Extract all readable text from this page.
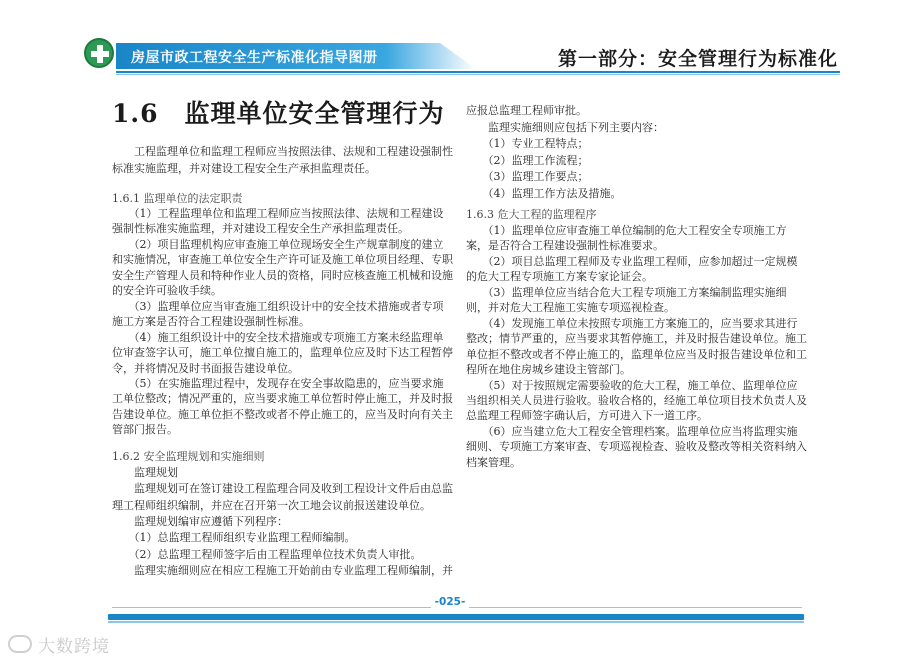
房屋市政工程安全生产标准化指导图册	第一部分：安全管理行为标准化
1.6　监理单位安全管理行为
　　工程监理单位和监理工程师应当按照法律、法规和工程建设强制性
标准实施监理，并对建设工程安全生产承担监理责任。
1.6.1 监理单位的法定职责
　　（1）工程监理单位和监理工程师应当按照法律、法规和工程建设
强制性标准实施监理，并对建设工程安全生产承担监理责任。
　　（2）项目监理机构应审查施工单位现场安全生产规章制度的建立
和实施情况，审查施工单位安全生产许可证及施工单位项目经理、专职
安全生产管理人员和特种作业人员的资格，同时应核查施工机械和设施
的安全许可验收手续。
　　（3）监理单位应当审查施工组织设计中的安全技术措施或者专项
施工方案是否符合工程建设强制性标准。
　　（4）施工组织设计中的安全技术措施或专项施工方案未经监理单
位审查签字认可，施工单位擅自施工的，监理单位应及时下达工程暂停
令，并将情况及时书面报告建设单位。
　　（5）在实施监理过程中，发现存在安全事故隐患的，应当要求施
工单位整改；情况严重的，应当要求施工单位暂时停止施工，并及时报
告建设单位。施工单位拒不整改或者不停止施工的，应当及时向有关主
管部门报告。
1.6.2 安全监理规划和实施细则
　　监理规划
　　监理规划可在签订建设工程监理合同及收到工程设计文件后由总监
理工程师组织编制，并应在召开第一次工地会议前报送建设单位。
　　监理规划编审应遵循下列程序：
　　（1）总监理工程师组织专业监理工程师编制。
　　（2）总监理工程师签字后由工程监理单位技术负责人审批。
　　监理实施细则应在相应工程施工开始前由专业监理工程师编制，并
应报总监理工程师审批。
　　监理实施细则应包括下列主要内容：
　　（1）专业工程特点；
　　（2）监理工作流程；
　　（3）监理工作要点；
　　（4）监理工作方法及措施。
1.6.3 危大工程的监理程序
　　（1）监理单位应审查施工单位编制的危大工程安全专项施工方
案，是否符合工程建设强制性标准要求。
　　（2）项目总监理工程师及专业监理工程师，应参加超过一定规模
的危大工程专项施工方案专家论证会。
　　（3）监理单位应当结合危大工程专项施工方案编制监理实施细
则，并对危大工程施工实施专项巡视检查。
　　（4）发现施工单位未按照专项施工方案施工的，应当要求其进行
整改；情节严重的，应当要求其暂停施工，并及时报告建设单位。施工
单位拒不整改或者不停止施工的，监理单位应当及时报告建设单位和工
程所在地住房城乡建设主管部门。
　　（5）对于按照规定需要验收的危大工程，施工单位、监理单位应
当组织相关人员进行验收。验收合格的，经施工单位项目技术负责人及
总监理工程师签字确认后，方可进入下一道工序。
　　（6）应当建立危大工程安全管理档案。监理单位应当将监理实施
细则、专项施工方案审查、专项巡视检查、验收及整改等相关资料纳入
档案管理。
-025-
大数跨境
